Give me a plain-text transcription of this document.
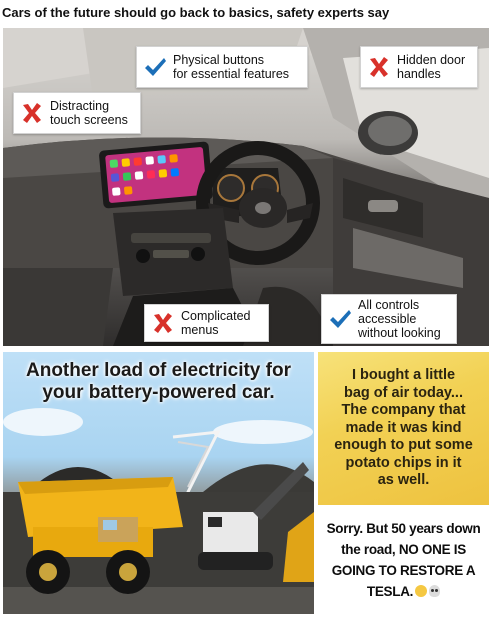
Cars of the future should go back to basics, safety experts say
Distracting
touch screens
Physical buttons
for essential features
Hidden door
handles
Complicated
menus
All controls
accessible
without looking
Another load of electricity for
your battery-powered car.
I bought a little
bag of air today...
The company that
made it was kind
enough to put some
potato chips in it
as well.
Sorry. But 50 years down the road, NO ONE IS GOING TO RESTORE A TESLA.
